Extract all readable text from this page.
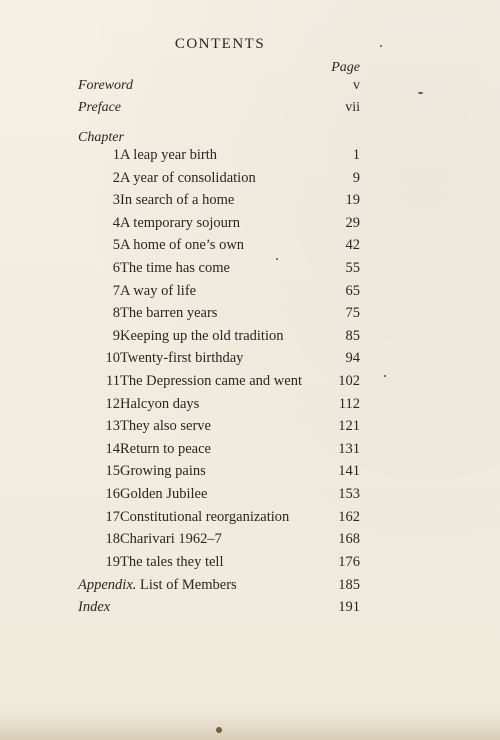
CONTENTS
Page
Foreword	v
Preface	vii
Chapter
1 A leap year birth	1
2 A year of consolidation	9
3 In search of a home	19
4 A temporary sojourn	29
5 A home of one’s own	42
6 The time has come	55
7 A way of life	65
8 The barren years	75
9 Keeping up the old tradition	85
10 Twenty-first birthday	94
11 The Depression came and went	102
12 Halcyon days	112
13 They also serve	121
14 Return to peace	131
15 Growing pains	141
16 Golden Jubilee	153
17 Constitutional reorganization	162
18 Charivari 1962–7	168
19 The tales they tell	176
Appendix. List of Members	185
Index	191
